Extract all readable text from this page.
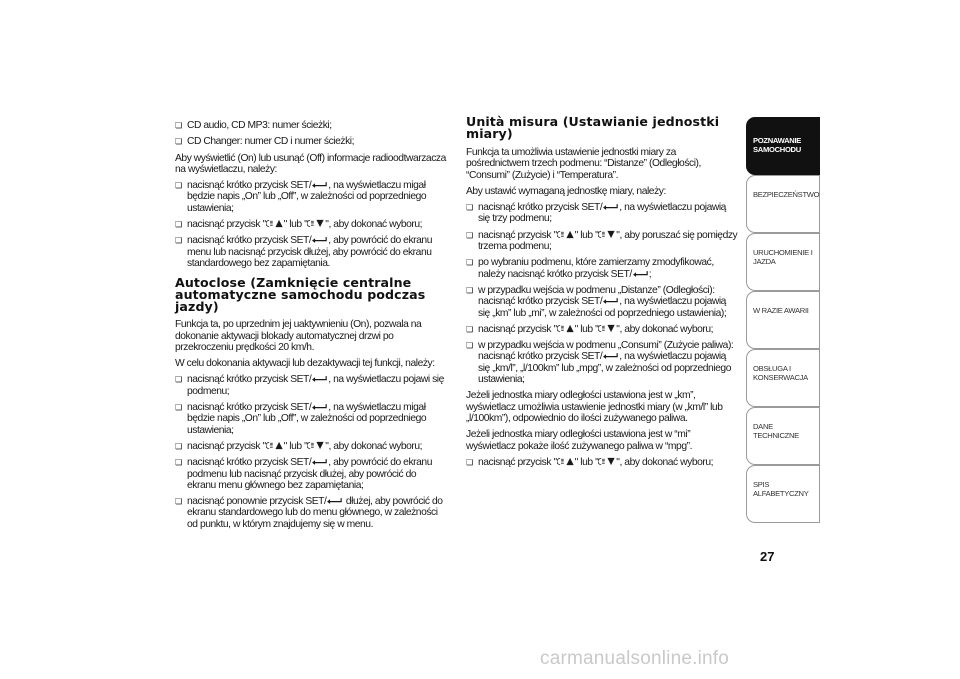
❏ CD audio, CD MP3: numer ścieżki;
❏ CD Changer: numer CD i numer ścieżki;
Aby wyświetlić (On) lub usunąć (Off) informacje radioodtwarzacza na wyświetlaczu, należy:
❏ nacisnąć krótko przycisk SET/ , na wyświetlaczu migał będzie napis „On” lub „Off”, w zależności od poprzedniego ustawienia;
❏ nacisnąć przycisk " " lub " ", aby dokonać wyboru;
❏ nacisnąć krótko przycisk SET/ , aby powrócić do ekranu menu lub nacisnąć przycisk dłużej, aby powrócić do ekranu standardowego bez zapamiętania.
Autoclose (Zamknięcie centralne automatyczne samochodu podczas jazdy)
Funkcja ta, po uprzednim jej uaktywnieniu (On), pozwala na dokonanie aktywacji blokady automatycznej drzwi po przekroczeniu prędkości 20 km/h.
W celu dokonania aktywacji lub dezaktywacji tej funkcji, należy:
❏ nacisnąć krótko przycisk SET/ , na wyświetlaczu pojawi się podmenu;
❏ nacisnąć krótko przycisk SET/ , na wyświetlaczu migał będzie napis „On” lub „Off”, w zależności od poprzedniego ustawienia;
❏ nacisnąć przycisk " " lub " ", aby dokonać wyboru;
❏ nacisnąć krótko przycisk SET/ , aby powrócić do ekranu podmenu lub nacisnąć przycisk dłużej, aby powrócić do ekranu menu głównego bez zapamiętania;
❏ nacisnąć ponownie przycisk SET/ dłużej, aby powrócić do ekranu standardowego lub do menu głównego, w zależności od punktu, w którym znajdujemy się w menu.
Unità misura (Ustawianie jednostki miary)
Funkcja ta umożliwia ustawienie jednostki miary za pośrednictwem trzech podmenu: “Distanze” (Odległości), “Consumi” (Zużycie) i “Temperatura”.
Aby ustawić wymaganą jednostkę miary, należy:
❏ nacisnąć krótko przycisk SET/ , na wyświetlaczu pojawią się trzy podmenu;
❏ nacisnąć przycisk " " lub " ", aby poruszać się pomiędzy trzema podmenu;
❏ po wybraniu podmenu, które zamierzamy zmodyfikować, należy nacisnąć krótko przycisk SET/ ;
❏ w przypadku wejścia w podmenu „Distanze” (Odległości): nacisnąć krótko przycisk SET/ , na wyświetlaczu pojawią się „km” lub „mi”, w zależności od poprzedniego ustawienia);
❏ nacisnąć przycisk " " lub " ", aby dokonać wyboru;
❏ w przypadku wejścia w podmenu „Consumi” (Zużycie paliwa): nacisnąć krótko przycisk SET/ , na wyświetlaczu pojawią się „km/l”, „l/100km” lub „mpg”, w zależności od poprzedniego ustawienia;
Jeżeli jednostka miary odległości ustawiona jest w „km”, wyświetlacz umożliwia ustawienie jednostki miary (w „km/l” lub „l/100km”), odpowiednio do ilości zużywanego paliwa.
Jeżeli jednostka miary odległości ustawiona jest w “mi” wyświetlacz pokaże ilość zużywanego paliwa w “mpg”.
❏ nacisnąć przycisk " " lub " ", aby dokonać wyboru;
POZNAWANIE SAMOCHODU
BEZPIECZEŃSTWO
URUCHOMIENIE I JAZDA
W RAZIE AWARII
OBSŁUGA I KONSERWACJA
DANE TECHNICZNE
SPIS ALFABETYCZNY
27
carmanualsonline.info
